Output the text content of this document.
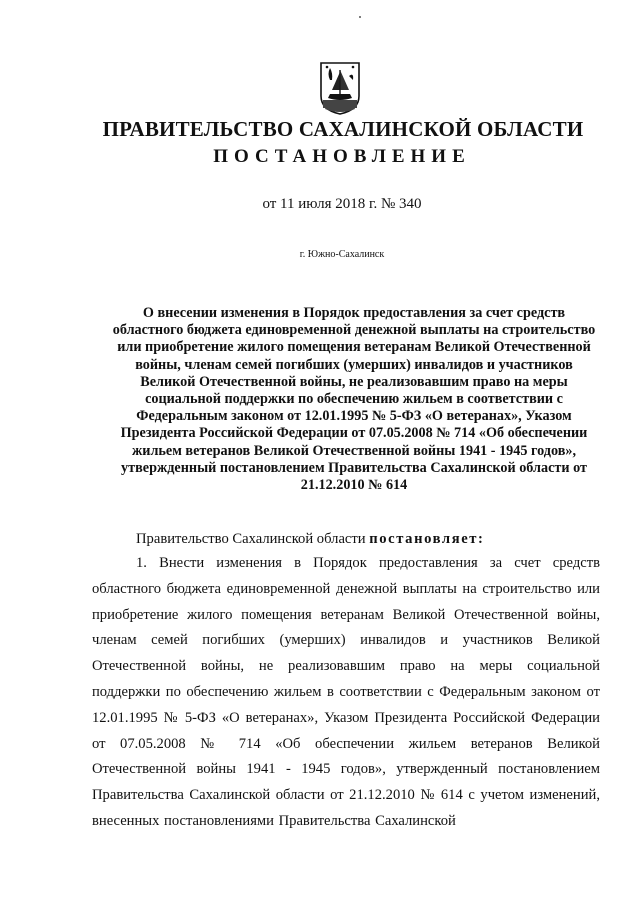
ПРАВИТЕЛЬСТВО САХАЛИНСКОЙ ОБЛАСТИ
ПОСТАНОВЛЕНИЕ
от 11 июля 2018 г. № 340
г. Южно-Сахалинск

О внесении изменения в Порядок предоставления за счет средств областного бюджета единовременной денежной выплаты на строительство или приобретение жилого помещения ветеранам Великой Отечественной войны, членам семей погибших (умерших) инвалидов и участников Великой Отечественной войны, не реализовавшим право на меры социальной поддержки по обеспечению жильем в соответствии с Федеральным законом от 12.01.1995 № 5-ФЗ «О ветеранах», Указом Президента Российской Федерации от 07.05.2008 № 714 «Об обеспечении жильем ветеранов Великой Отечественной войны 1941 - 1945 годов», утвержденный постановлением Правительства Сахалинской области от 21.12.2010 № 614

Правительство Сахалинской области постановляет:

1. Внести изменения в Порядок предоставления за счет средств областного бюджета единовременной денежной выплаты на строительство или приобретение жилого помещения ветеранам Великой Отечественной войны, членам семей погибших (умерших) инвалидов и участников Великой Отечественной войны, не реализовавшим право на меры социальной поддержки по обеспечению жильем в соответствии с Федеральным законом от 12.01.1995 № 5-ФЗ «О ветеранах», Указом Президента Российской Федерации от 07.05.2008 № 714 «Об обеспечении жильем ветеранов Великой Отечественной войны 1941 - 1945 годов», утвержденный постановлением Правительства Сахалинской области от 21.12.2010 № 614 с учетом изменений, внесенных постановлениями Правительства Сахалинской
